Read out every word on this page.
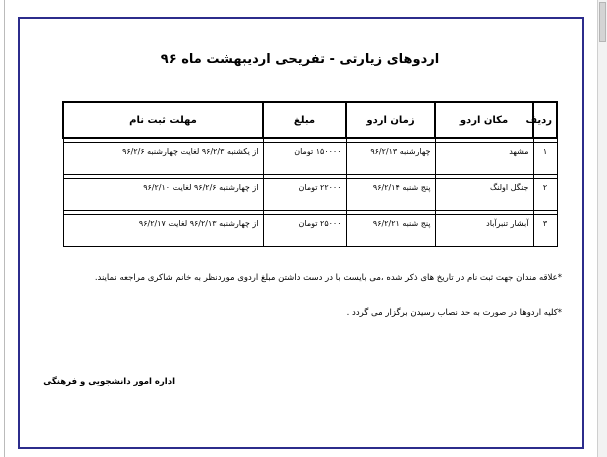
اردوهای زیارتی - تفریحی اردیبهشت ماه ۹۶
ردیف	مکان اردو	زمان اردو	مبلغ	مهلت ثبت نام

۱	مشهد	چهارشنبه ۹۶/۲/۱۳	۱۵۰۰۰۰ تومان	از یکشنبه ۹۶/۲/۳ لغایت چهارشنبه ۹۶/۲/۶

۲	جنگل اولنگ	پنج شنبه ۹۶/۲/۱۴	۲۲۰۰۰ تومان	از چهارشنبه ۹۶/۲/۶ لغایت ۹۶/۲/۱۰

۳	آبشار تنبرآباد	پنج شنبه ۹۶/۲/۲۱	۲۵۰۰۰ تومان	از چهارشنبه ۹۶/۲/۱۳ لغایت ۹۶/۲/۱۷
*علاقه مندان جهت ثبت نام در تاریخ های ذکر شده ،می بایست با در دست داشتن مبلغ اردوی موردنظر به خانم شاکری مراجعه نمایند.
*کلیه اردوها در صورت به حد نصاب رسیدن برگزار می گردد .
اداره امور دانشجویی و فرهنگی
